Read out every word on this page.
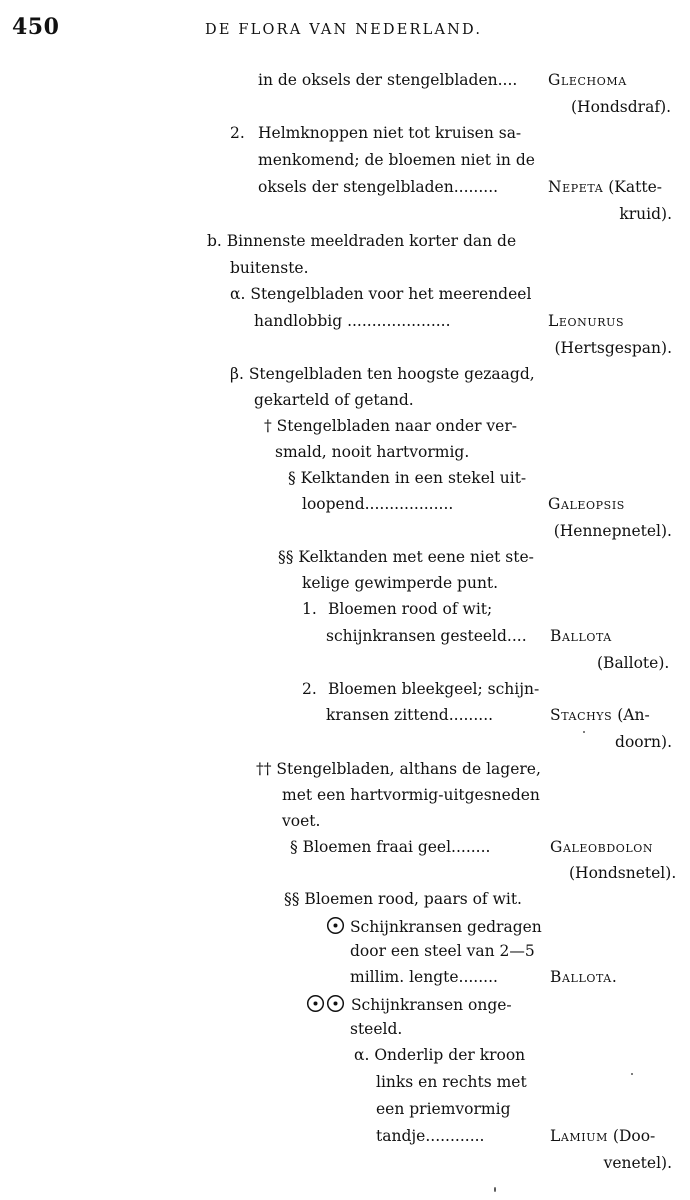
450	DE FLORA VAN NEDERLAND.
in de oksels der stengelbladen.... Glechoma
(Hondsdraf).
2. Helmknoppen niet tot kruisen sa-
menkomend; de bloemen niet in de
oksels der stengelbladen.........	Nepeta (Katte-
kruid).
b. Binnenste meeldraden korter dan de
buitenste.
α. Stengelbladen voor het meerendeel
handlobbig .....................	Leonurus
(Hertsgespan).
β. Stengelbladen ten hoogste gezaagd,
gekarteld of getand.
† Stengelbladen naar onder ver-
smald, nooit hartvormig.
§ Kelktanden in een stekel uit-
loopend..................	Galeopsis
(Hennepnetel).
§§ Kelktanden met eene niet ste-
kelige gewimperde punt.
1. Bloemen rood of wit;
schijnkransen gesteeld.... Ballota
(Ballote).
2. Bloemen bleekgeel; schijn-
kransen zittend.........	Stachys (An-
doorn).
†† Stengelbladen, althans de lagere,
met een hartvormig-uitgesneden
voet.
§ Bloemen fraai geel........	Galeobdolon
(Hondsnetel).
§§ Bloemen rood, paars of wit.
Schijnkransen gedragen
door een steel van 2—5
millim. lengte........	Ballota.
Schijnkransen onge-
steeld.
α. Onderlip der kroon
links en rechts met
een priemvormig
tandje............	Lamium (Doo-
venetel).
